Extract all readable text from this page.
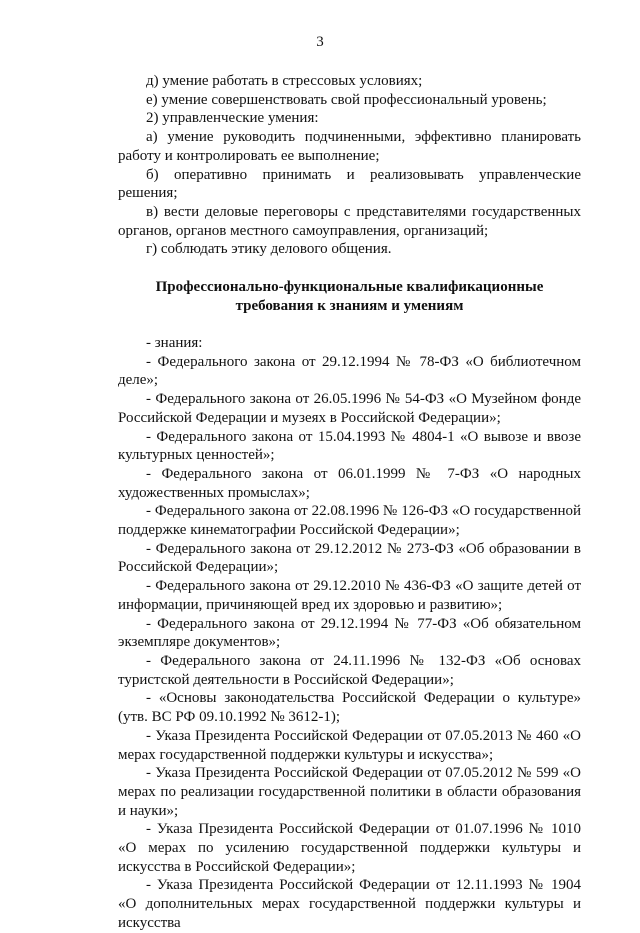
3

д) умение работать в стрессовых условиях;

е) умение совершенствовать свой профессиональный уровень;

2) управленческие умения:

а) умение руководить подчиненными, эффективно планировать работу и контролировать ее выполнение;

б) оперативно принимать и реализовывать управленческие решения;

в) вести деловые переговоры с представителями государственных органов, органов местного самоуправления, организаций;

г) соблюдать этику делового общения.

Профессионально-функциональные квалификационные
требования к знаниям и умениям

- знания:

- Федерального закона от 29.12.1994 № 78-ФЗ «О библиотечном деле»;

- Федерального закона от 26.05.1996 № 54-ФЗ «О Музейном фонде Российской Федерации и музеях в Российской Федерации»;

- Федерального закона от 15.04.1993 № 4804-1 «О вывозе и ввозе культурных ценностей»;

- Федерального закона от 06.01.1999 № 7-ФЗ «О народных художественных промыслах»;

- Федерального закона от 22.08.1996 № 126-ФЗ «О государственной поддержке кинематографии Российской Федерации»;

- Федерального закона от 29.12.2012 № 273-ФЗ «Об образовании в Российской Федерации»;

- Федерального закона от 29.12.2010 № 436-ФЗ «О защите детей от информации, причиняющей вред их здоровью и развитию»;

- Федерального закона от 29.12.1994 № 77-ФЗ «Об обязательном экземпляре документов»;

- Федерального закона от 24.11.1996 № 132-ФЗ «Об основах туристской деятельности в Российской Федерации»;

- «Основы законодательства Российской Федерации о культуре» (утв. ВС РФ 09.10.1992 № 3612-1);

- Указа Президента Российской Федерации от 07.05.2013 № 460 «О мерах государственной поддержки культуры и искусства»;

- Указа Президента Российской Федерации от 07.05.2012 № 599 «О мерах по реализации государственной политики в области образования и науки»;

- Указа Президента Российской Федерации от 01.07.1996 № 1010 «О мерах по усилению государственной поддержки культуры и искусства в Российской Федерации»;

- Указа Президента Российской Федерации от 12.11.1993 № 1904 «О дополнительных мерах государственной поддержки культуры и искусства
